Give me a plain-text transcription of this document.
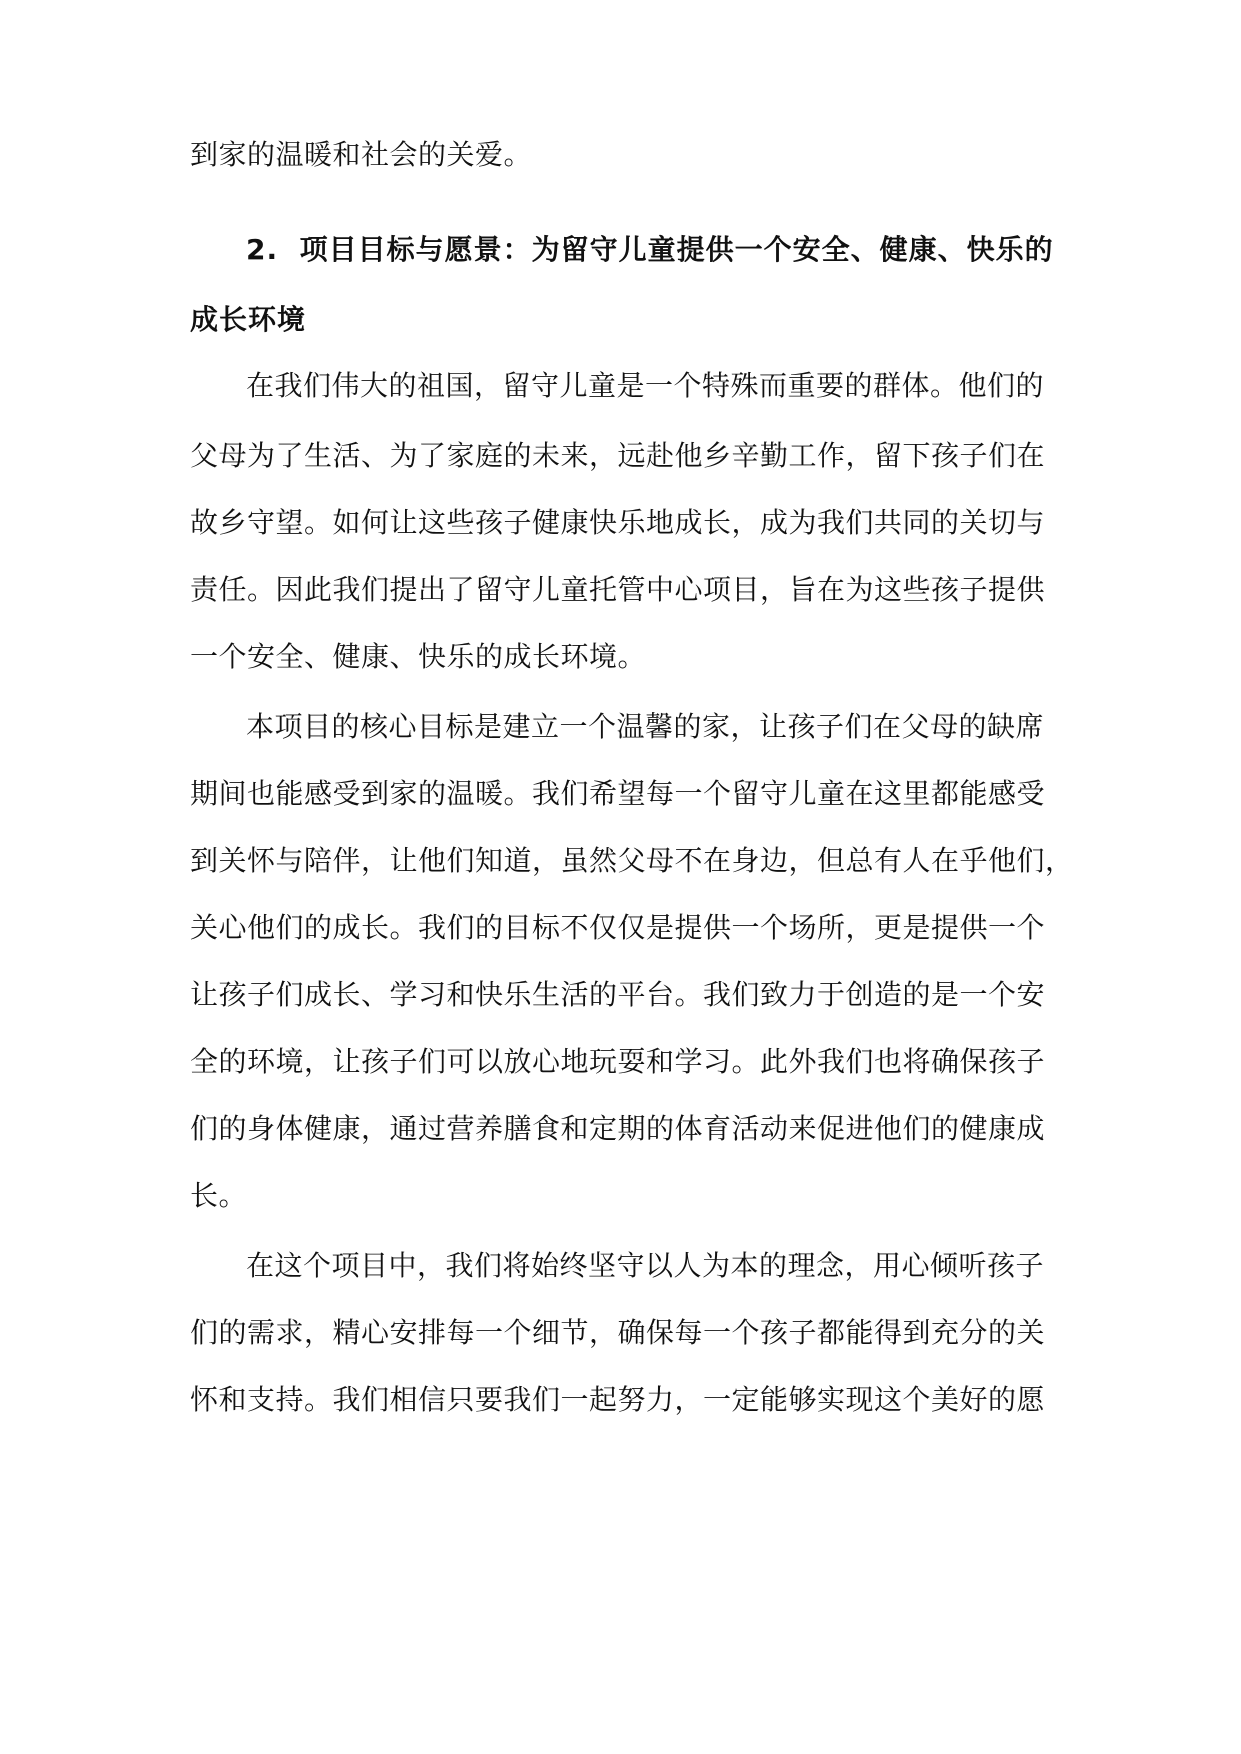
到家的温暖和社会的关爱。
2. 项目目标与愿景：为留守儿童提供一个安全、健康、快乐的
成长环境
在我们伟大的祖国，留守儿童是一个特殊而重要的群体。他们的
父母为了生活、为了家庭的未来，远赴他乡辛勤工作，留下孩子们在
故乡守望。如何让这些孩子健康快乐地成长，成为我们共同的关切与
责任。因此我们提出了留守儿童托管中心项目，旨在为这些孩子提供
一个安全、健康、快乐的成长环境。
本项目的核心目标是建立一个温馨的家，让孩子们在父母的缺席
期间也能感受到家的温暖。我们希望每一个留守儿童在这里都能感受
到关怀与陪伴，让他们知道，虽然父母不在身边，但总有人在乎他们，
关心他们的成长。我们的目标不仅仅是提供一个场所，更是提供一个
让孩子们成长、学习和快乐生活的平台。我们致力于创造的是一个安
全的环境，让孩子们可以放心地玩耍和学习。此外我们也将确保孩子
们的身体健康，通过营养膳食和定期的体育活动来促进他们的健康成
长。
在这个项目中，我们将始终坚守以人为本的理念，用心倾听孩子
们的需求，精心安排每一个细节，确保每一个孩子都能得到充分的关
怀和支持。我们相信只要我们一起努力，一定能够实现这个美好的愿
